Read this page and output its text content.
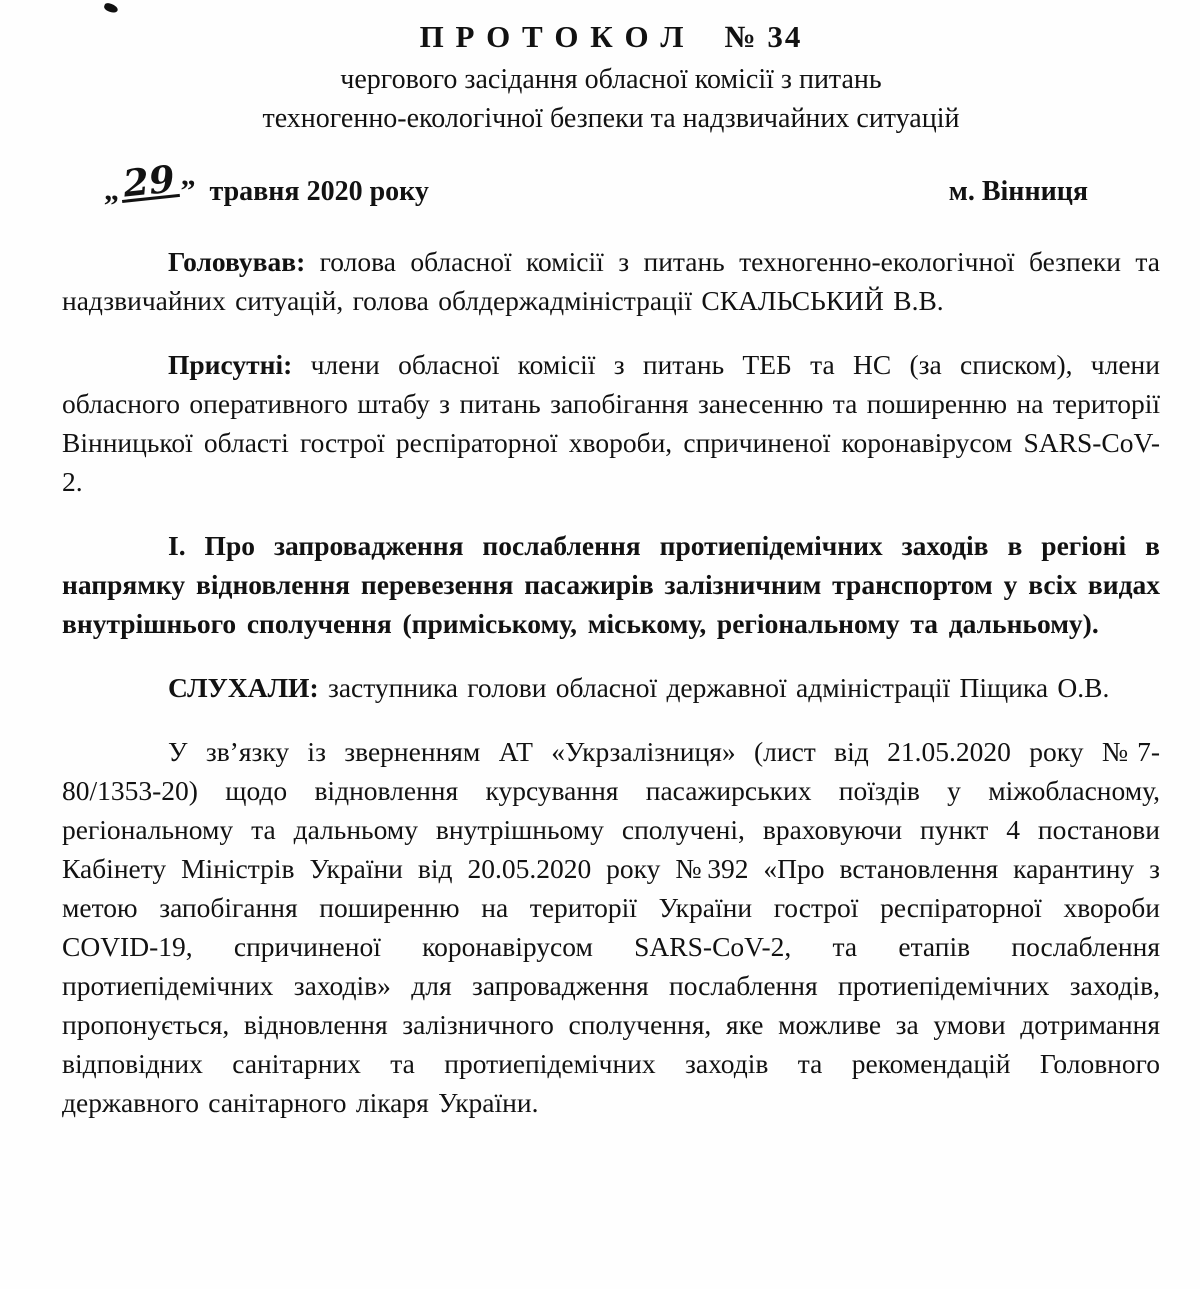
П Р О Т О К О Л    № 34
чергового засідання обласної комісії з питань
техногенно-екологічної безпеки та надзвичайних ситуацій
„29 ” травня 2020 року	м. Вінниця

Головував: голова обласної комісії з питань техногенно-екологічної безпеки та надзвичайних ситуацій, голова облдержадміністрації СКАЛЬСЬКИЙ В.В.

Присутні: члени обласної комісії з питань ТЕБ та НС (за списком), члени обласного оперативного штабу з питань запобігання занесенню та поширенню на території Вінницької області гострої респіраторної хвороби, спричиненої коронавірусом SARS-CoV-2.

I. Про запровадження послаблення протиепідемічних заходів в регіоні в напрямку відновлення перевезення пасажирів залізничним транспортом у всіх видах внутрішнього сполучення (приміському, міському, регіональному та дальньому).

СЛУХАЛИ: заступника голови обласної державної адміністрації Піщика О.В.

У зв’язку із зверненням АТ «Укрзалізниця» (лист від 21.05.2020 року №7-80/1353-20) щодо відновлення курсування пасажирських поїздів у міжобласному, регіональному та дальньому внутрішньому сполучені, враховуючи пункт 4 постанови Кабінету Міністрів України від 20.05.2020 року №392 «Про встановлення карантину з метою запобігання поширенню на території України гострої респіраторної хвороби COVID-19, спричиненої коронавірусом SARS-CoV-2, та етапів послаблення протиепідемічних заходів» для запровадження послаблення протиепідемічних заходів, пропонується, відновлення залізничного сполучення, яке можливе за умови дотримання відповідних санітарних та протиепідемічних заходів та рекомендацій Головного державного санітарного лікаря України.
